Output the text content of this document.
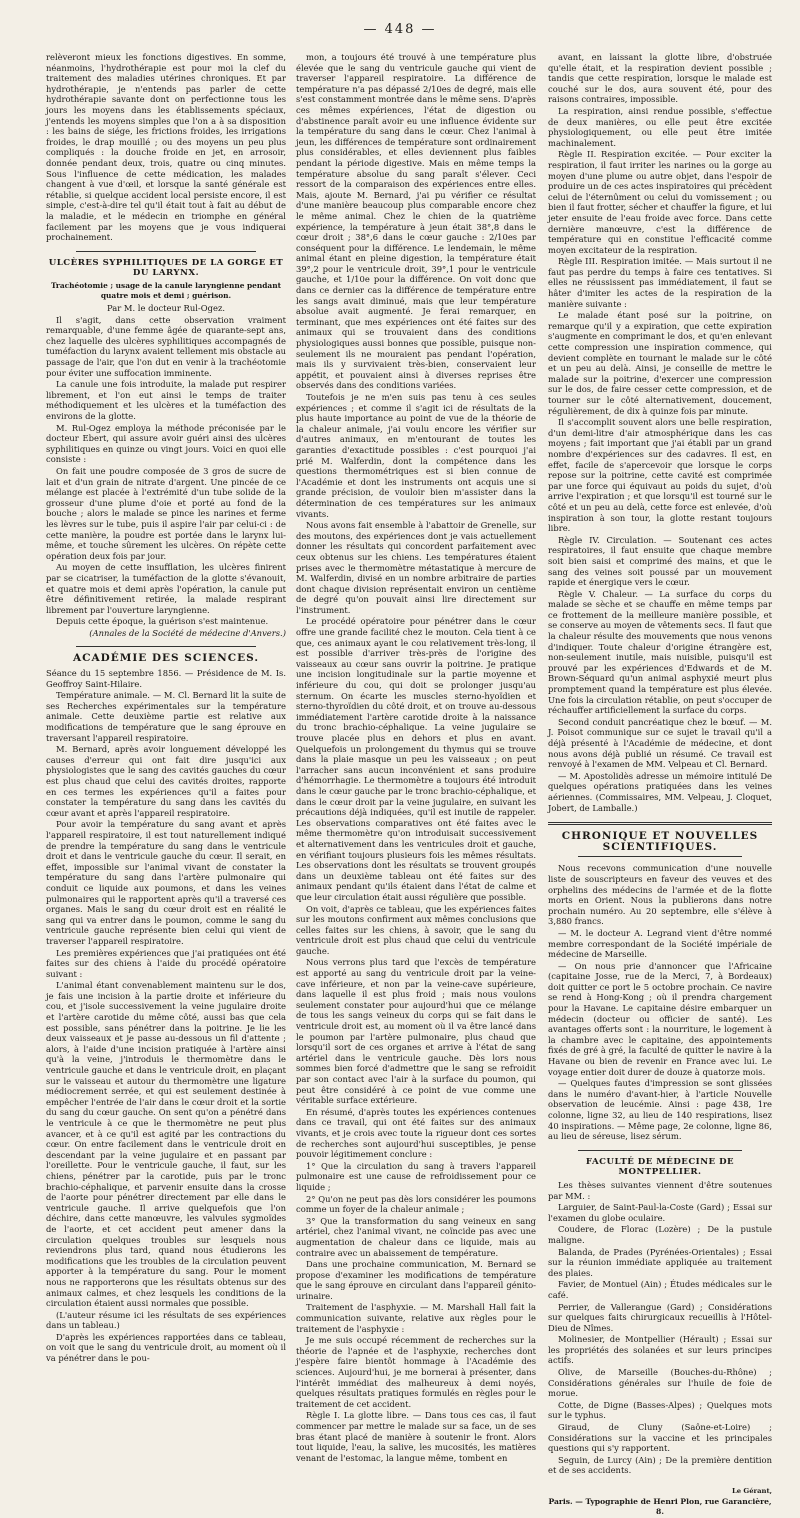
— 448 —

relèveront mieux les fonctions digestives. En somme, néanmoins, l'hydrothérapie est pour moi la clef du traitement des maladies utérines chroniques. Et par hydrothérapie, je n'entends pas parler de cette hydrothérapie savante dont on perfectionne tous les jours les moyens dans les établissements spéciaux, j'entends les moyens simples que l'on a à sa disposition : les bains de siége, les frictions froides, les irrigations froides, le drap mouillé ; ou des moyens un peu plus compliqués : la douche froide en jet, en arrosoir, donnée pendant deux, trois, quatre ou cinq minutes. Sous l'influence de cette médication, les malades changent à vue d'œil, et lorsque la santé générale est rétablie, si quelque accident local persiste encore, il est simple, c'est-à-dire tel qu'il était tout à fait au début de la maladie, et le médecin en triomphe en général facilement par les moyens que je vous indiquerai prochainement.

ULCÈRES SYPHILITIQUES DE LA GORGE ET DU LARYNX.

Trachéotomie ; usage de la canule laryngienne pendant quatre mois et demi ; guérison.

Par M. le docteur Rul-Ogez.

Il s'agit, dans cette observation vraiment remarquable, d'une femme âgée de quarante-sept ans, chez laquelle des ulcères syphilitiques accompagnés de tuméfaction du larynx avaient tellement mis obstacle au passage de l'air, que l'on dut en venir à la trachéotomie pour éviter une suffocation imminente.

La canule une fois introduite, la malade put respirer librement, et l'on eut ainsi le temps de traiter méthodiquement et les ulcères et la tuméfaction des environs de la glotte.

M. Rul-Ogez employa la méthode préconisée par le docteur Ebert, qui assure avoir guéri ainsi des ulcères syphilitiques en quinze ou vingt jours. Voici en quoi elle consiste :

On fait une poudre composée de 3 gros de sucre de lait et d'un grain de nitrate d'argent. Une pincée de ce mélange est placée à l'extrémité d'un tube solide de la grosseur d'une plume d'oie et porté au fond de la bouche ; alors le malade se pince les narines et ferme les lèvres sur le tube, puis il aspire l'air par celui-ci : de cette manière, la poudre est portée dans le larynx lui-même, et touche sûrement les ulcères. On répète cette opération deux fois par jour.

Au moyen de cette insufflation, les ulcères finirent par se cicatriser, la tuméfaction de la glotte s'évanouit, et quatre mois et demi après l'opération, la canule put être définitivement retirée, la malade respirant librement par l'ouverture laryngienne.

Depuis cette époque, la guérison s'est maintenue.

(Annales de la Société de médecine d'Anvers.)

ACADÉMIE DES SCIENCES.

Séance du 15 septembre 1856. — Présidence de M. Is. Geoffroy Saint-Hilaire.

Température animale. — M. Cl. Bernard lit la suite de ses Recherches expérimentales sur la température animale. Cette deuxième partie est relative aux modifications de température que le sang éprouve en traversant l'appareil respiratoire.

M. Bernard, après avoir longuement développé les causes d'erreur qui ont fait dire jusqu'ici aux physiologistes que le sang des cavités gauches du cœur est plus chaud que celui des cavités droites, rapporte en ces termes les expériences qu'il a faites pour constater la température du sang dans les cavités du cœur avant et après l'appareil respiratoire.

Pour avoir la température du sang avant et après l'appareil respiratoire, il est tout naturellement indiqué de prendre la température du sang dans le ventricule droit et dans le ventricule gauche du cœur. Il serait, en effet, impossible sur l'animal vivant de constater la température du sang dans l'artère pulmonaire qui conduit ce liquide aux poumons, et dans les veines pulmonaires qui le rapportent après qu'il a traversé ces organes. Mais le sang du cœur droit est en réalité le sang qui va entrer dans le poumon, comme le sang du ventricule gauche représente bien celui qui vient de traverser l'appareil respiratoire.

Les premières expériences que j'ai pratiquées ont été faites sur des chiens à l'aide du procédé opératoire suivant :

L'animal étant convenablement maintenu sur le dos, je fais une incision à la partie droite et inférieure du cou, et j'isole successivement la veine jugulaire droite et l'artère carotide du même côté, aussi bas que cela est possible, sans pénétrer dans la poitrine. Je lie les deux vaisseaux et je passe au-dessous un fil d'attente ; alors, à l'aide d'une incision pratiquée à l'artère ainsi qu'à la veine, j'introduis le thermomètre dans le ventricule gauche et dans le ventricule droit, en plaçant sur le vaisseau et autour du thermomètre une ligature médiocrement serrée, et qui est seulement destinée à empêcher l'entrée de l'air dans le cœur droit et la sortie du sang du cœur gauche. On sent qu'on a pénétré dans le ventricule à ce que le thermomètre ne peut plus avancer, et à ce qu'il est agité par les contractions du cœur. On entre facilement dans le ventricule droit en descendant par la veine jugulaire et en passant par l'oreillette. Pour le ventricule gauche, il faut, sur les chiens, pénétrer par la carotide, puis par le tronc brachio-céphalique, et parvenir ensuite dans la crosse de l'aorte pour pénétrer directement par elle dans le ventricule gauche. Il arrive quelquefois que l'on déchire, dans cette manœuvre, les valvules sygmoïdes de l'aorte, et cet accident peut amener dans la circulation quelques troubles sur lesquels nous reviendrons plus tard, quand nous étudierons les modifications que les troubles de la circulation peuvent apporter à la température du sang. Pour le moment nous ne rapporterons que les résultats obtenus sur des animaux calmes, et chez lesquels les conditions de la circulation étaient aussi normales que possible.

(L'auteur résume ici les résultats de ses expériences dans un tableau.)

D'après les expériences rapportées dans ce tableau, on voit que le sang du ventricule droit, au moment où il va pénétrer dans le pou-

mon, a toujours été trouvé à une température plus élevée que le sang du ventricule gauche qui vient de traverser l'appareil respiratoire. La différence de température n'a pas dépassé 2/10es de degré, mais elle s'est constamment montrée dans le même sens. D'après ces mêmes expériences, l'état de digestion ou d'abstinence paraît avoir eu une influence évidente sur la température du sang dans le cœur. Chez l'animal à jeun, les différences de température sont ordinairement plus considérables, et elles deviennent plus faibles pendant la période digestive. Mais en même temps la température absolue du sang paraît s'élever. Ceci ressort de la comparaison des expériences entre elles. Mais, ajoute M. Bernard, j'ai pu vérifier ce résultat d'une manière beaucoup plus comparable encore chez le même animal. Chez le chien de la quatrième expérience, la température à jeun était 38°,8 dans le cœur droit ; 38°,6 dans le cœur gauche : 2/10es par conséquent pour la différence. Le lendemain, le même animal étant en pleine digestion, la température était 39°,2 pour le ventricule droit, 39°,1 pour le ventricule gauche, et 1/10e pour la différence. On voit donc que dans ce dernier cas la différence de température entre les sangs avait diminué, mais que leur température absolue avait augmenté. Je ferai remarquer, en terminant, que mes expériences ont été faites sur des animaux qui se trouvaient dans des conditions physiologiques aussi bonnes que possible, puisque non-seulement ils ne mouraient pas pendant l'opération, mais ils y survivaient très-bien, conservaient leur appétit, et pouvaient ainsi à diverses reprises être observés dans des conditions variées.

Toutefois je ne m'en suis pas tenu à ces seules expériences ; et comme il s'agit ici de résultats de la plus haute importance au point de vue de la théorie de la chaleur animale, j'ai voulu encore les vérifier sur d'autres animaux, en m'entourant de toutes les garanties d'exactitude possibles : c'est pourquoi j'ai prié M. Walferdin, dont la compétence dans les questions thermométriques est si bien connue de l'Académie et dont les instruments ont acquis une si grande précision, de vouloir bien m'assister dans la détermination de ces températures sur les animaux vivants.

Nous avons fait ensemble à l'abattoir de Grenelle, sur des moutons, des expériences dont je vais actuellement donner les résultats qui concordent parfaitement avec ceux obtenus sur les chiens. Les températures étaient prises avec le thermomètre métastatique à mercure de M. Walferdin, divisé en un nombre arbitraire de parties dont chaque division représentait environ un centième de degré qu'on pouvait ainsi lire directement sur l'instrument.

Le procédé opératoire pour pénétrer dans le cœur offre une grande facilité chez le mouton. Cela tient à ce que, ces animaux ayant le cou relativement très-long, il est possible d'arriver très-près de l'origine des vaisseaux au cœur sans ouvrir la poitrine. Je pratique une incision longitudinale sur la partie moyenne et inférieure du cou, qui doit se prolonger jusqu'au sternum. On écarte les muscles sterno-hyoïdien et sterno-thyroïdien du côté droit, et on trouve au-dessous immédiatement l'artère carotide droite à la naissance du tronc brachio-céphalique. La veine jugulaire se trouve placée plus en dehors et plus en avant. Quelquefois un prolongement du thymus qui se trouve dans la plaie masque un peu les vaisseaux ; on peut l'arracher sans aucun inconvénient et sans produire d'hémorrhagie. Le thermomètre a toujours été introduit dans le cœur gauche par le tronc brachio-céphalique, et dans le cœur droit par la veine jugulaire, en suivant les précautions déjà indiquées, qu'il est inutile de rappeler. Les observations comparatives ont été faites avec le même thermomètre qu'on introduisait successivement et alternativement dans les ventricules droit et gauche, en vérifiant toujours plusieurs fois les mêmes résultats. Les observations dont les résultats se trouvent groupés dans un deuxième tableau ont été faites sur des animaux pendant qu'ils étaient dans l'état de calme et que leur circulation était aussi régulière que possible.

On voit, d'après ce tableau, que les expériences faites sur les moutons confirment aux mêmes conclusions que celles faites sur les chiens, à savoir, que le sang du ventricule droit est plus chaud que celui du ventricule gauche.

Nous verrons plus tard que l'excès de température est apporté au sang du ventricule droit par la veine-cave inférieure, et non par la veine-cave supérieure, dans laquelle il est plus froid ; mais nous voulons seulement constater pour aujourd'hui que ce mélange de tous les sangs veineux du corps qui se fait dans le ventricule droit est, au moment où il va être lancé dans le poumon par l'artère pulmonaire, plus chaud que lorsqu'il sort de ces organes et arrive à l'état de sang artériel dans le ventricule gauche. Dès lors nous sommes bien forcé d'admettre que le sang se refroidit par son contact avec l'air à la surface du poumon, qui peut être considéré à ce point de vue comme une véritable surface extérieure.

En résumé, d'après toutes les expériences contenues dans ce travail, qui ont été faites sur des animaux vivants, et je crois avec toute la rigueur dont ces sortes de recherches sont aujourd'hui susceptibles, je pense pouvoir légitimement conclure :

1° Que la circulation du sang à travers l'appareil pulmonaire est une cause de refroidissement pour ce liquide ;

2° Qu'on ne peut pas dès lors considérer les poumons comme un foyer de la chaleur animale ;

3° Que la transformation du sang veineux en sang artériel, chez l'animal vivant, ne coïncide pas avec une augmentation de chaleur dans ce liquide, mais au contraire avec un abaissement de température.

Dans une prochaine communication, M. Bernard se propose d'examiner les modifications de température que le sang éprouve en circulant dans l'appareil génito-urinaire.

Traitement de l'asphyxie. — M. Marshall Hall fait la communication suivante, relative aux règles pour le traitement de l'asphyxie :

Je me suis occupé récemment de recherches sur la théorie de l'apnée et de l'asphyxie, recherches dont j'espère faire bientôt hommage à l'Académie des sciences. Aujourd'hui, je me bornerai à présenter, dans l'intérêt immédiat des malheureux à demi noyés, quelques résultats pratiques formulés en règles pour le traitement de cet accident.

Règle I. La glotte libre. — Dans tous ces cas, il faut commencer par mettre le malade sur sa face, un de ses bras étant placé de manière à soutenir le front. Alors tout liquide, l'eau, la salive, les mucosités, les matières venant de l'estomac, la langue même, tombent en

avant, en laissant la glotte libre, d'obstruée qu'elle était, et la respiration devient possible ; tandis que cette respiration, lorsque le malade est couché sur le dos, aura souvent été, pour des raisons contraires, impossible.

La respiration, ainsi rendue possible, s'effectue de deux manières, ou elle peut être excitée physiologiquement, ou elle peut être imitée machinalement.

Règle II. Respiration excitée. — Pour exciter la respiration, il faut irriter les narines ou la gorge au moyen d'une plume ou autre objet, dans l'espoir de produire un de ces actes inspiratoires qui précèdent celui de l'éternûment ou celui du vomissement ; ou bien il faut frotter, sécher et chauffer la figure, et lui jeter ensuite de l'eau froide avec force. Dans cette dernière manœuvre, c'est la différence de température qui en constitue l'efficacité comme moyen excitateur de la respiration.

Règle III. Respiration imitée. — Mais surtout il ne faut pas perdre du temps à faire ces tentatives. Si elles ne réussissent pas immédiatement, il faut se hâter d'imiter les actes de la respiration de la manière suivante :

Le malade étant posé sur la poitrine, on remarque qu'il y a expiration, que cette expiration s'augmente en comprimant le dos, et qu'en enlevant cette compression une inspiration commence, qui devient complète en tournant le malade sur le côté et un peu au delà. Ainsi, je conseille de mettre le malade sur la poitrine, d'exercer une compression sur le dos, de faire cesser cette compression, et de tourner sur le côté alternativement, doucement, régulièrement, de dix à quinze fois par minute.

Il s'accomplit souvent alors une belle respiration, d'un demi-litre d'air atmosphérique dans les cas moyens ; fait important que j'ai établi par un grand nombre d'expériences sur des cadavres. Il est, en effet, facile de s'apercevoir que lorsque le corps repose sur la poitrine, cette cavité est comprimée par une force qui équivaut au poids du sujet, d'où arrive l'expiration ; et que lorsqu'il est tourné sur le côté et un peu au delà, cette force est enlevée, d'où inspiration à son tour, la glotte restant toujours libre.

Règle IV. Circulation. — Soutenant ces actes respiratoires, il faut ensuite que chaque membre soit bien saisi et comprimé des mains, et que le sang des veines soit poussé par un mouvement rapide et énergique vers le cœur.

Règle V. Chaleur. — La surface du corps du malade se sèche et se chauffe en même temps par ce frottement de la meilleure manière possible, et se conserve au moyen de vêtements secs. Il faut que la chaleur résulte des mouvements que nous venons d'indiquer. Toute chaleur d'origine étrangère est, non-seulement inutile, mais nuisible, puisqu'il est prouvé par les expériences d'Edwards et de M. Brown-Séquard qu'un animal asphyxié meurt plus promptement quand la température est plus élevée. Une fois la circulation rétablie, on peut s'occuper de réchauffer artificiellement la surface du corps.

Second conduit pancréatique chez le bœuf. — M. J. Poisot communique sur ce sujet le travail qu'il a déjà présenté à l'Académie de médecine, et dont nous avons déjà publié un résumé. Ce travail est renvoyé à l'examen de MM. Velpeau et Cl. Bernard.

— M. Apostolidès adresse un mémoire intitulé De quelques opérations pratiquées dans les veines aériennes. (Commissaires, MM. Velpeau, J. Cloquet, Jobert, de Lamballe.)

CHRONIQUE ET NOUVELLES SCIENTIFIQUES.

Nous recevons communication d'une nouvelle liste de souscripteurs en faveur des veuves et des orphelins des médecins de l'armée et de la flotte morts en Orient. Nous la publierons dans notre prochain numéro. Au 20 septembre, elle s'élève à 3,880 francs.

— M. le docteur A. Legrand vient d'être nommé membre correspondant de la Société impériale de médecine de Marseille.

— On nous prie d'annoncer que l'Africaine (capitaine Josse, rue de la Merci, 7, à Bordeaux) doit quitter ce port le 5 octobre prochain. Ce navire se rend à Hong-Kong ; où il prendra chargement pour la Havane. Le capitaine désire embarquer un médecin (docteur ou officier de santé). Les avantages offerts sont : la nourriture, le logement à la chambre avec le capitaine, des appointements fixés de gré à gré, la faculté de quitter le navire à la Havane ou bien de revenir en France avec lui. Le voyage entier doit durer de douze à quatorze mois.

— Quelques fautes d'impression se sont glissées dans le numéro d'avant-hier, à l'article Nouvelle observation de leucémie. Ainsi : page 438, 1re colonne, ligne 32, au lieu de 140 respirations, lisez 40 inspirations. — Même page, 2e colonne, ligne 86, au lieu de séreuse, lisez sérum.

FACULTÉ DE MÉDECINE DE MONTPELLIER.

Les thèses suivantes viennent d'être soutenues par MM. :

Larguier, de Saint-Paul-la-Coste (Gard) ; Essai sur l'examen du globe oculaire.

Coudere, de Florac (Lozère) ; De la pustule maligne.

Balanda, de Prades (Pyrénées-Orientales) ; Essai sur la réunion immédiate appliquée au traitement des plaies.

Favier, de Montuel (Ain) ; Études médicales sur le café.

Perrier, de Vallerangue (Gard) ; Considérations sur quelques faits chirurgicaux recueillis à l'Hôtel-Dieu de Nîmes.

Molinesier, de Montpellier (Hérault) ; Essai sur les propriétés des solanées et sur leurs principes actifs.

Olive, de Marseille (Bouches-du-Rhône) ; Considérations générales sur l'huile de foie de morue.

Cotte, de Digne (Basses-Alpes) ; Quelques mots sur le typhus.

Giraud, de Cluny (Saône-et-Loire) ; Considérations sur la vaccine et les principales questions qui s'y rapportent.

Seguin, de Lurcy (Ain) ; De la première dentition et de ses accidents.

Le Gérant,
Paris. — Typographie de Henri Plon, rue Garancière, 8.
